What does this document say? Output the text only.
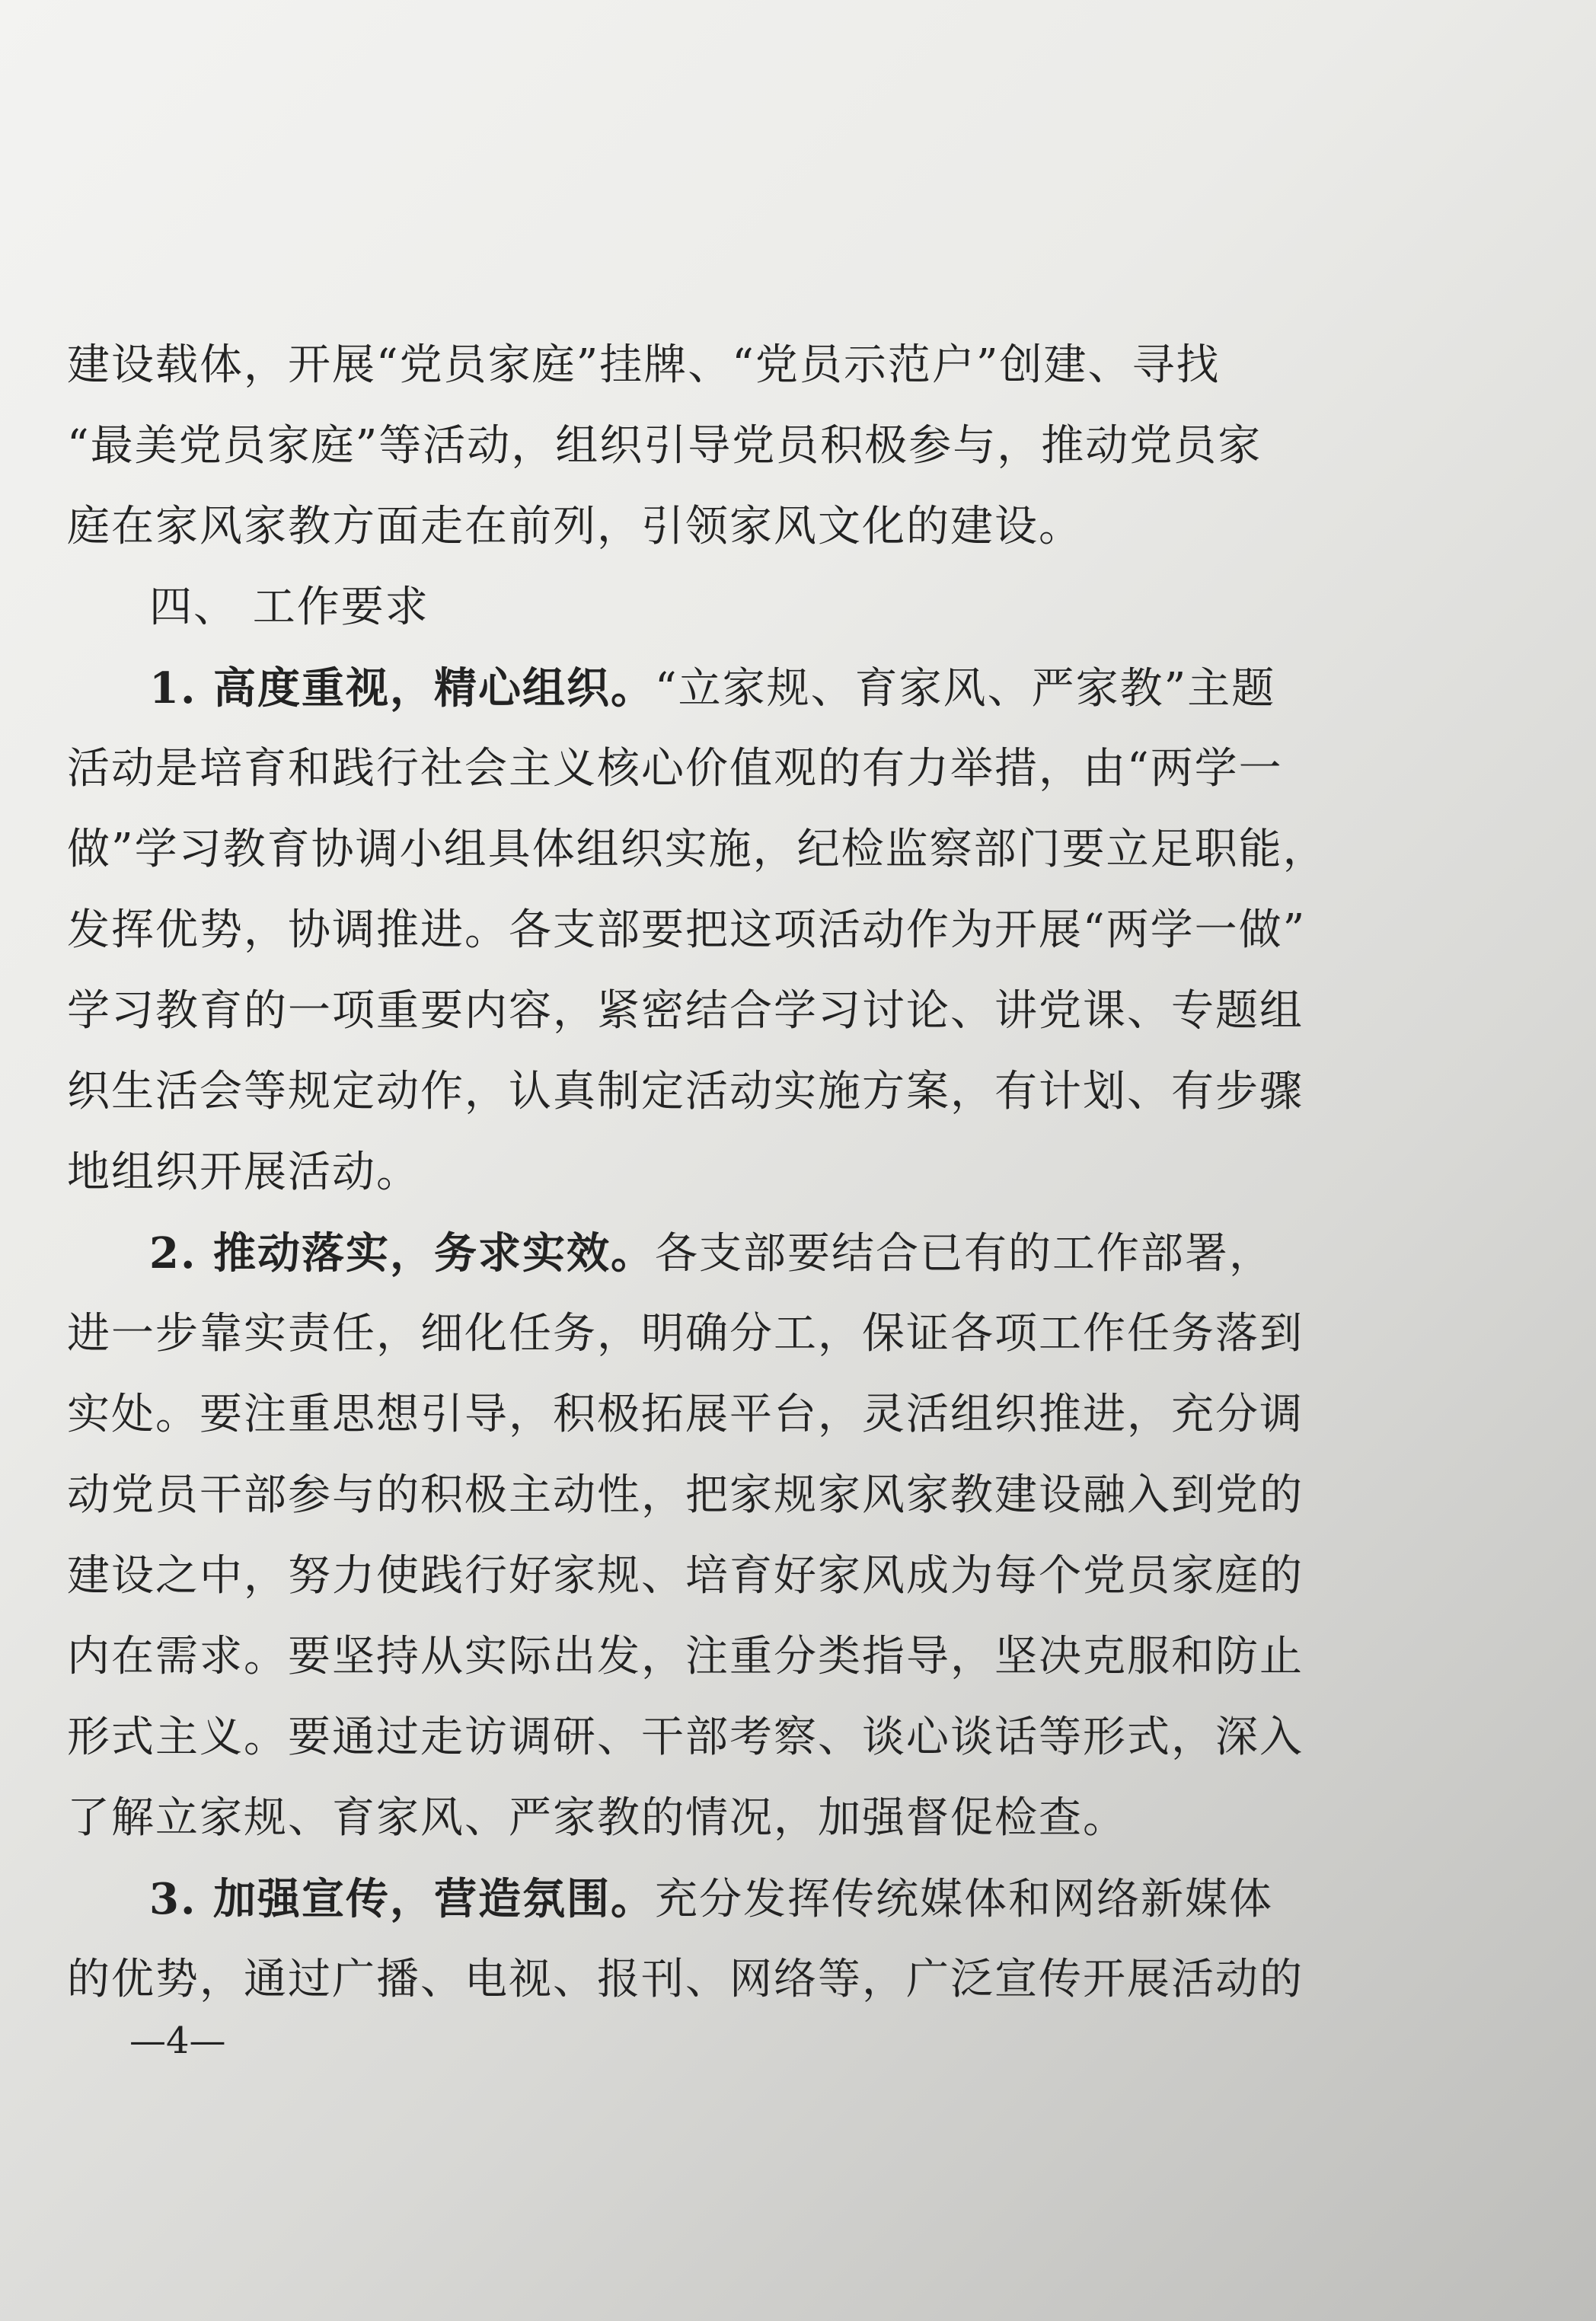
建设载体，开展“党员家庭”挂牌、“党员示范户”创建、寻找
“最美党员家庭”等活动，组织引导党员积极参与，推动党员家
庭在家风家教方面走在前列，引领家风文化的建设。
四、 工作要求
1. 高度重视，精心组织。“立家规、育家风、严家教”主题
活动是培育和践行社会主义核心价值观的有力举措，由“两学一
做”学习教育协调小组具体组织实施，纪检监察部门要立足职能，
发挥优势，协调推进。各支部要把这项活动作为开展“两学一做”
学习教育的一项重要内容，紧密结合学习讨论、讲党课、专题组
织生活会等规定动作，认真制定活动实施方案，有计划、有步骤
地组织开展活动。
2. 推动落实，务求实效。各支部要结合已有的工作部署，
进一步靠实责任，细化任务，明确分工，保证各项工作任务落到
实处。要注重思想引导，积极拓展平台，灵活组织推进，充分调
动党员干部参与的积极主动性，把家规家风家教建设融入到党的
建设之中，努力使践行好家规、培育好家风成为每个党员家庭的
内在需求。要坚持从实际出发，注重分类指导，坚决克服和防止
形式主义。要通过走访调研、干部考察、谈心谈话等形式，深入
了解立家规、育家风、严家教的情况，加强督促检查。
3. 加强宣传，营造氛围。充分发挥传统媒体和网络新媒体
的优势，通过广播、电视、报刊、网络等，广泛宣传开展活动的
—4—
